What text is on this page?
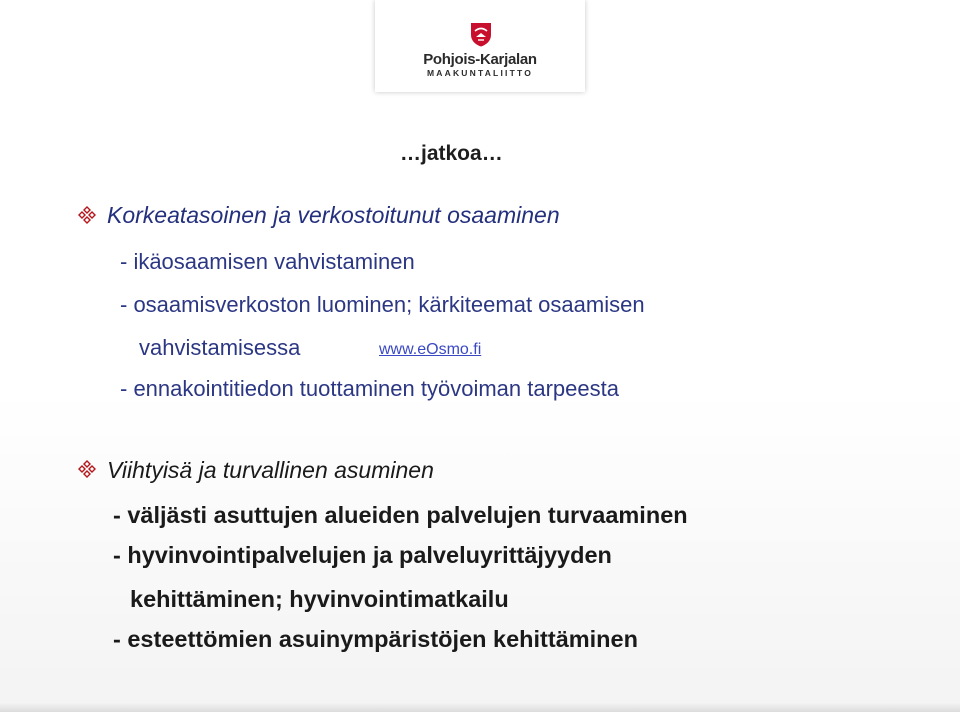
Pohjois-Karjalan
MAAKUNTALIITTO
…jatkoa…
Korkeatasoinen ja verkostoitunut osaaminen
- ikäosaamisen vahvistaminen
- osaamisverkoston luominen; kärkiteemat osaamisen
vahvistamisessa	www.eOsmo.fi
- ennakointitiedon tuottaminen työvoiman tarpeesta
Viihtyisä ja turvallinen asuminen
- väljästi asuttujen alueiden palvelujen turvaaminen
- hyvinvointipalvelujen ja palveluyrittäjyyden
kehittäminen; hyvinvointimatkailu
- esteettömien asuinympäristöjen kehittäminen
